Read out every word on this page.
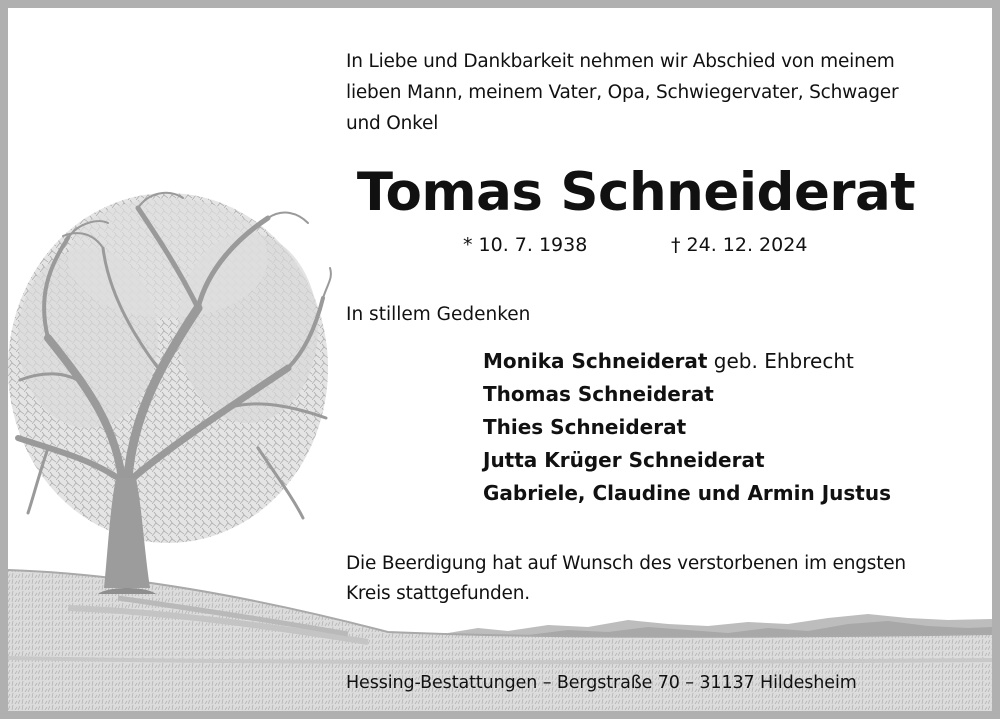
In Liebe und Dankbarkeit nehmen wir Abschied von meinem
lieben Mann, meinem Vater, Opa, Schwiegervater, Schwager
und Onkel
Tomas Schneiderat
* 10. 7. 1938	† 24. 12. 2024
In stillem Gedenken
Monika Schneiderat geb. Ehbrecht
Thomas Schneiderat
Thies Schneiderat
Jutta Krüger Schneiderat
Gabriele, Claudine und Armin Justus
Die Beerdigung hat auf Wunsch des verstorbenen im engsten
Kreis stattgefunden.
Hessing-Bestattungen – Bergstraße 70 – 31137 Hildesheim
